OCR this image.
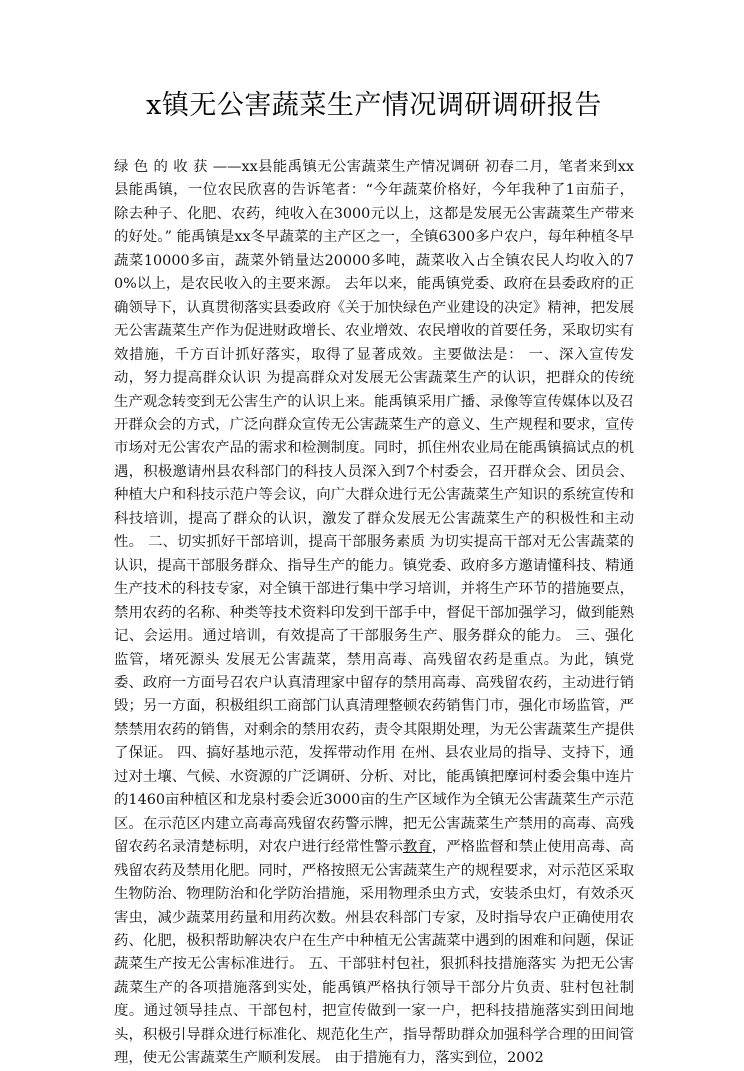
x镇无公害蔬菜生产情况调研调研报告

绿 色 的 收 获 ——xx县能禹镇无公害蔬菜生产情况调研 初春二月，笔者来到xx县能禹镇，一位农民欣喜的告诉笔者：“今年蔬菜价格好，今年我种了1亩茄子，除去种子、化肥、农药，纯收入在3000元以上，这都是发展无公害蔬菜生产带来的好处。” 能禹镇是xx冬早蔬菜的主产区之一，全镇6300多户农户，每年种植冬早蔬菜10000多亩，蔬菜外销量达20000多吨，蔬菜收入占全镇农民人均收入的70%以上，是农民收入的主要来源。 去年以来，能禹镇党委、政府在县委政府的正确领导下，认真贯彻落实县委政府《关于加快绿色产业建设的决定》精神，把发展无公害蔬菜生产作为促进财政增长、农业增效、农民增收的首要任务，采取切实有效措施，千方百计抓好落实，取得了显著成效。主要做法是： 一、深入宣传发动，努力提高群众认识 为提高群众对发展无公害蔬菜生产的认识，把群众的传统生产观念转变到无公害生产的认识上来。能禹镇采用广播、录像等宣传媒体以及召开群众会的方式，广泛向群众宣传无公害蔬菜生产的意义、生产规程和要求，宣传市场对无公害农产品的需求和检测制度。同时，抓住州农业局在能禹镇搞试点的机遇，积极邀请州县农科部门的科技人员深入到7个村委会，召开群众会、团员会、种植大户和科技示范户等会议，向广大群众进行无公害蔬菜生产知识的系统宣传和科技培训，提高了群众的认识，激发了群众发展无公害蔬菜生产的积极性和主动性。 二、切实抓好干部培训，提高干部服务素质 为切实提高干部对无公害蔬菜的认识，提高干部服务群众、指导生产的能力。镇党委、政府多方邀请懂科技、精通生产技术的科技专家，对全镇干部进行集中学习培训，并将生产环节的措施要点，禁用农药的名称、种类等技术资料印发到干部手中，督促干部加强学习，做到能熟记、会运用。通过培训，有效提高了干部服务生产、服务群众的能力。 三、强化监管，堵死源头 发展无公害蔬菜，禁用高毒、高残留农药是重点。为此，镇党委、政府一方面号召农户认真清理家中留存的禁用高毒、高残留农药，主动进行销毁；另一方面，积极组织工商部门认真清理整顿农药销售门市，强化市场监管，严禁禁用农药的销售，对剩余的禁用农药，责令其限期处理，为无公害蔬菜生产提供了保证。 四、搞好基地示范，发挥带动作用 在州、县农业局的指导、支持下，通过对土壤、气候、水资源的广泛调研、分析、对比，能禹镇把摩诃村委会集中连片的1460亩种植区和龙泉村委会近3000亩的生产区域作为全镇无公害蔬菜生产示范区。在示范区内建立高毒高残留农药警示牌，把无公害蔬菜生产禁用的高毒、高残留农药名录清楚标明，对农户进行经常性警示教育，严格监督和禁止使用高毒、高残留农药及禁用化肥。同时，严格按照无公害蔬菜生产的规程要求，对示范区采取生物防治、物理防治和化学防治措施，采用物理杀虫方式，安装杀虫灯，有效杀灭害虫，减少蔬菜用药量和用药次数。州县农科部门专家，及时指导农户正确使用农药、化肥，极积帮助解决农户在生产中种植无公害蔬菜中遇到的困难和问题，保证蔬菜生产按无公害标准进行。 五、干部驻村包社，狠抓科技措施落实 为把无公害蔬菜生产的各项措施落到实处，能禹镇严格执行领导干部分片负责、驻村包社制度。通过领导挂点、干部包村，把宣传做到一家一户，把科技措施落实到田间地头，积极引导群众进行标准化、规范化生产，指导帮助群众加强科学合理的田间管理，使无公害蔬菜生产顺利发展。 由于措施有力，落实到位，2002
